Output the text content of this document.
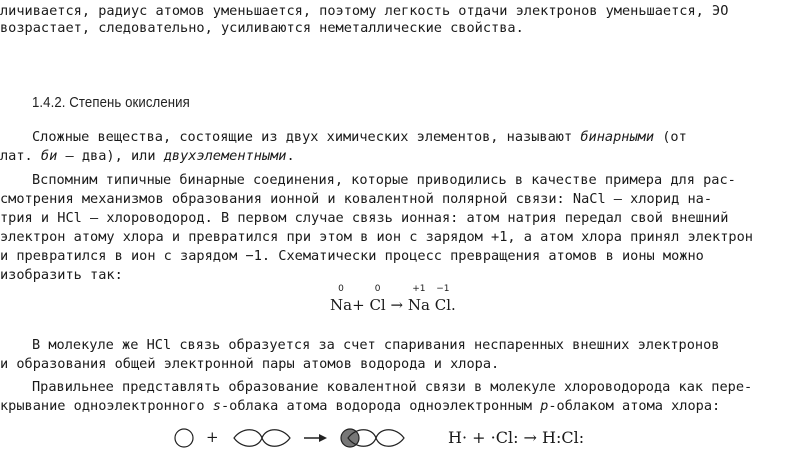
личивается, радиус атомов уменьшается, поэтому легкость отдачи электронов уменьшается, ЭО
возрастает, следовательно, усиливаются неметаллические свойства.
1.4.2. Степень окисления
Сложные вещества, состоящие из двух химических элементов, называют бинарными (от
лат. би — два), или двухэлементными.
Вспомним типичные бинарные соединения, которые приводились в качестве примера для рас-
смотрения механизмов образования ионной и ковалентной полярной связи: NaCl — хлорид на-
трия и HCl — хлороводород. В первом случае связь ионная: атом натрия передал свой внешний
электрон атому хлора и превратился при этом в ион с зарядом +1, а атом хлора принял электрон
и превратился в ион с зарядом −1. Схематически процесс превращения атомов в ионы можно
изобразить так:
0
Na+
0
Cl →
+1
Na
−1
Cl.
В молекуле же HCl связь образуется за счет спаривания неспаренных внешних электронов
и образования общей электронной пары атомов водорода и хлора.
Правильнее представлять образование ковалентной связи в молекуле хлороводорода как пере-
крывание одноэлектронного s-облака атома водорода одноэлектронным p-облаком атома хлора:
+	H· + ·Cl: → H:Cl:
